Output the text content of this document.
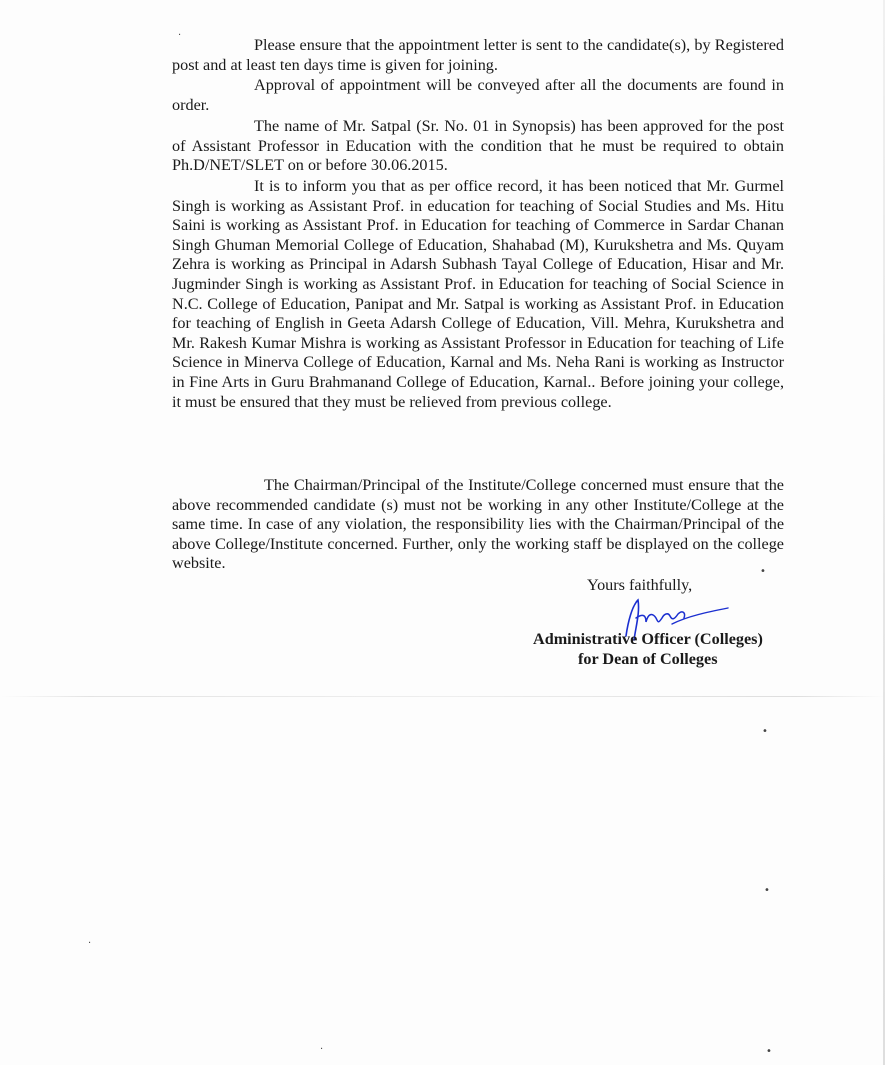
Please ensure that the appointment letter is sent to the candidate(s), by Registered post and at least ten days time is given for joining.

Approval of appointment will be conveyed after all the documents are found in order.

The name of Mr. Satpal (Sr. No. 01 in Synopsis) has been approved for the post of Assistant Professor in Education with the condition that he must be required to obtain Ph.D/NET/SLET on or before 30.06.2015.

It is to inform you that as per office record, it has been noticed that Mr. Gurmel Singh is working as Assistant Prof. in education for teaching of Social Studies and Ms. Hitu Saini is working as Assistant Prof. in Education for teaching of Commerce in Sardar Chanan Singh Ghuman Memorial College of Education, Shahabad (M), Kurukshetra and Ms. Quyam Zehra is working as Principal in Adarsh Subhash Tayal College of Education, Hisar and Mr. Jugminder Singh is working as Assistant Prof. in Education for teaching of Social Science in N.C. College of Education, Panipat and Mr. Satpal is working as Assistant Prof. in Education for teaching of English in Geeta Adarsh College of Education, Vill. Mehra, Kurukshetra and Mr. Rakesh Kumar Mishra is working as Assistant Professor in Education for teaching of Life Science in Minerva College of Education, Karnal and Ms. Neha Rani is working as Instructor in Fine Arts in Guru Brahmanand College of Education, Karnal.. Before joining your college, it must be ensured that they must be relieved from previous college.

The Chairman/Principal of the Institute/College concerned must ensure that the above recommended candidate (s) must not be working in any other Institute/College at the same time. In case of any violation, the responsibility lies with the Chairman/Principal of the above College/Institute concerned. Further, only the working staff be displayed on the college website.

Yours faithfully,
Administrative Officer (Colleges)
for Dean of Colleges
·
•
•
•
•
·
·
